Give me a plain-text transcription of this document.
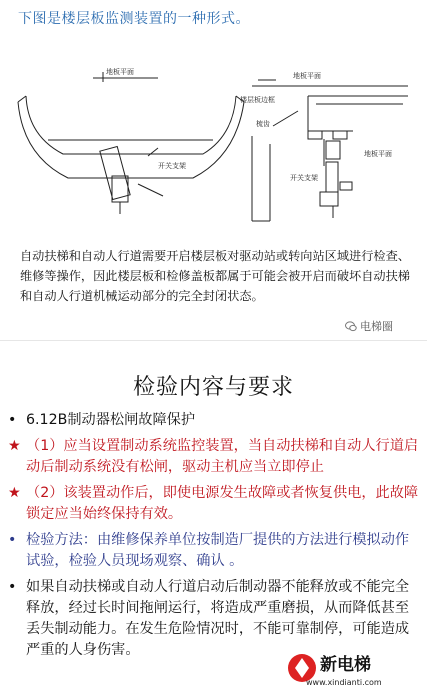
下图是楼层板监测装置的一种形式。
地板平面
开关支架
地板平面
楼层板边框
梳齿
开关支架
地板平面
自动扶梯和自动人行道需要开启楼层板对驱动站或转向站区域进行检查、维修等操作，因此楼层板和检修盖板都属于可能会被开启而破坏自动扶梯和自动人行道机械运动部分的完全封闭状态。
电梯圈
检验内容与要求
• 6.12B制动器松闸故障保护
★ （1）应当设置制动系统监控装置，当自动扶梯和自动人行道启动后制动系统没有松闸，驱动主机应当立即停止
★ （2）该装置动作后，即使电源发生故障或者恢复供电，此故障锁定应当始终保持有效。
• 检验方法：由维修保养单位按制造厂提供的方法进行模拟动作试验，检验人员现场观察、确认 。
• 如果自动扶梯或自动人行道启动后制动器不能释放或不能完全释放，经过长时间拖闸运行，将造成严重磨损，从而降低甚至丢失制动能力。在发生危险情况时，不能可靠制停，可能造成严重的人身伤害。
新电梯
www.xindianti.com
